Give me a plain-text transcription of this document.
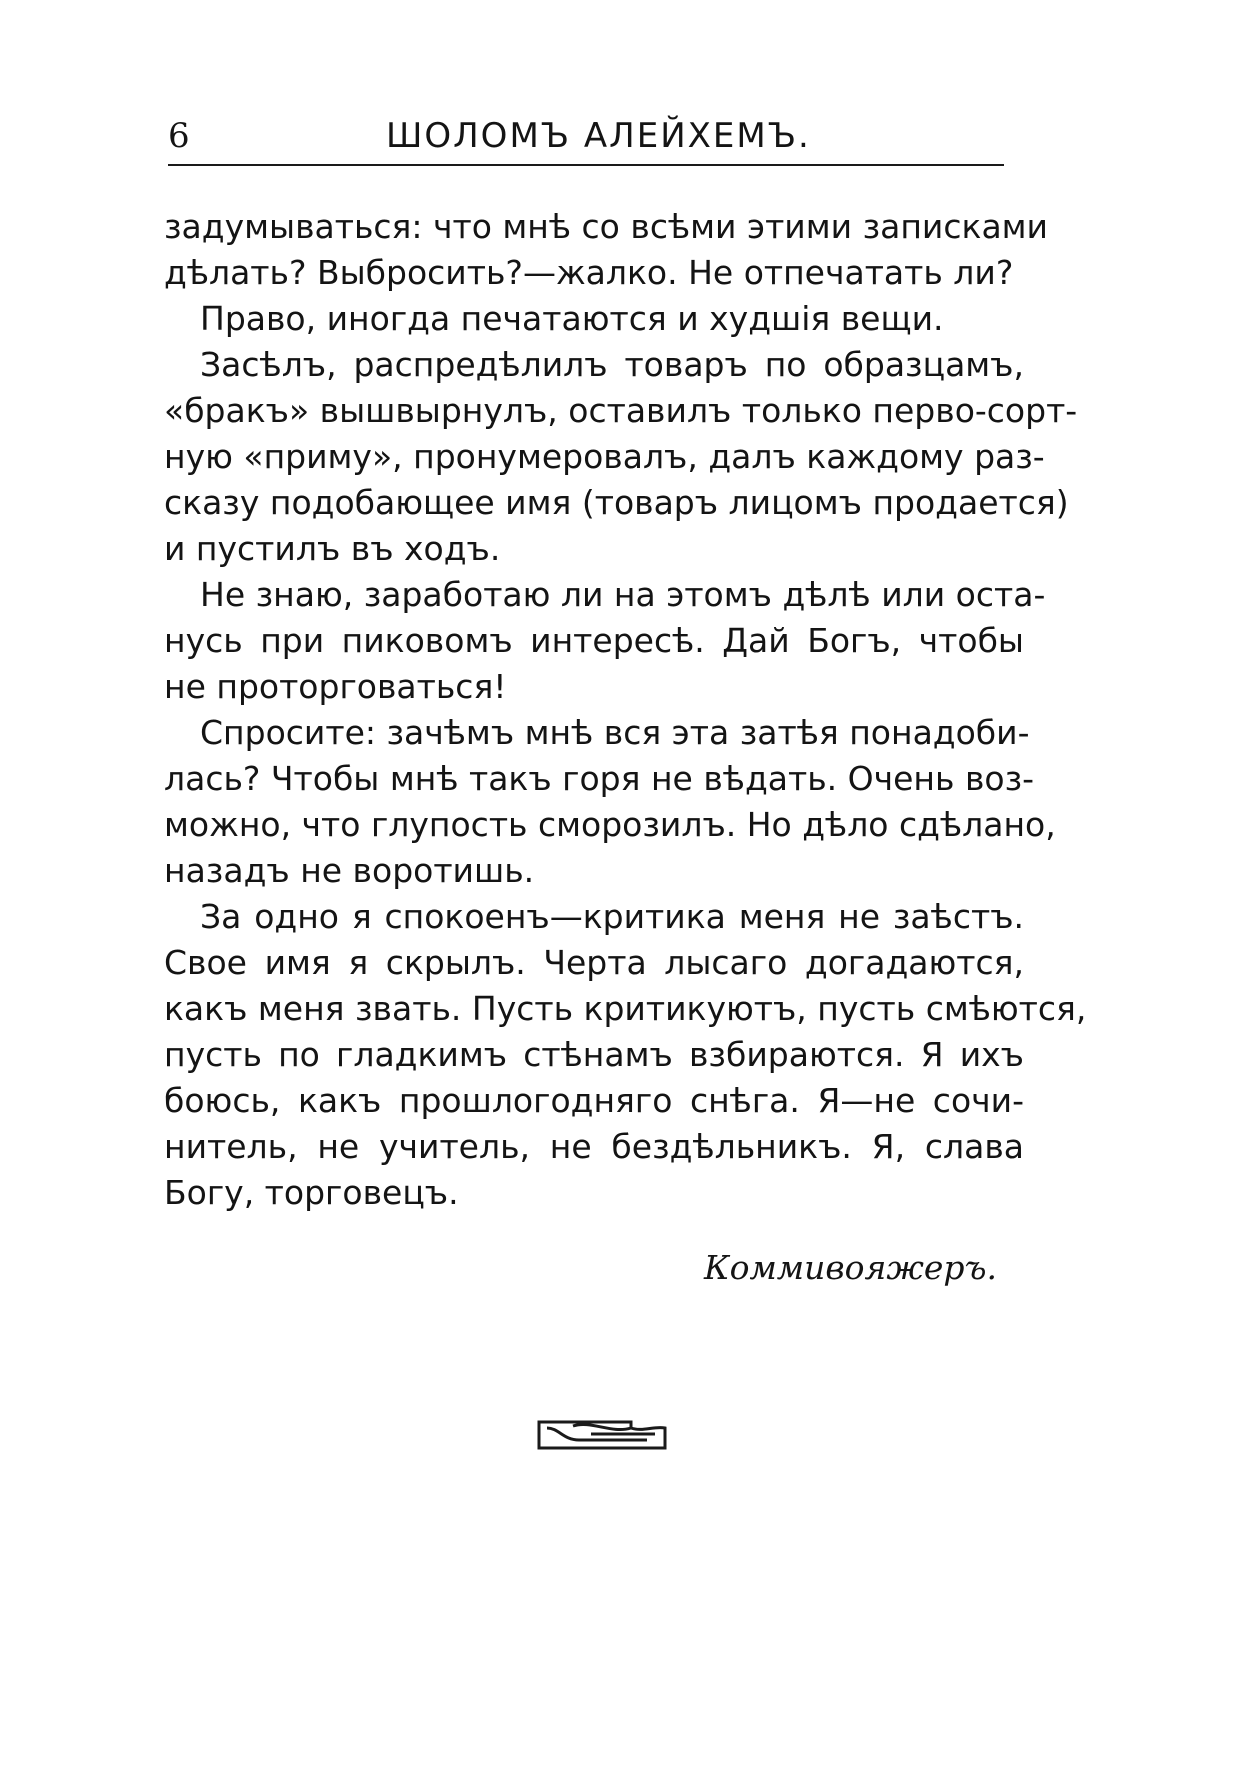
6	ШОЛОМЪ АЛЕЙХЕМЪ.
задумываться: что мнѣ со всѣми этими записками
дѣлать? Выбросить?—жалко. Не отпечатать ли?
Право, иногда печатаются и худшія вещи.
Засѣлъ, распредѣлилъ товаръ по образцамъ,
«бракъ» вышвырнулъ, оставилъ только перво-сорт-
ную «приму», пронумеровалъ, далъ каждому раз-
сказу подобающее имя (товаръ лицомъ продается)
и пустилъ въ ходъ.
Не знаю, заработаю ли на этомъ дѣлѣ или оста-
нусь при пиковомъ интересѣ. Дай Богъ, чтобы
не проторговаться!
Спросите: зачѣмъ мнѣ вся эта затѣя понадоби-
лась? Чтобы мнѣ такъ горя не вѣдать. Очень воз-
можно, что глупость сморозилъ. Но дѣло сдѣлано,
назадъ не воротишь.
За одно я спокоенъ—критика меня не заѣстъ.
Свое имя я скрылъ. Черта лысаго догадаются,
какъ меня звать. Пусть критикуютъ, пусть смѣются,
пусть по гладкимъ стѣнамъ взбираются. Я ихъ
боюсь, какъ прошлогодняго снѣга. Я—не сочи-
нитель, не учитель, не бездѣльникъ. Я, слава
Богу, торговецъ.
Коммивояжеръ.
